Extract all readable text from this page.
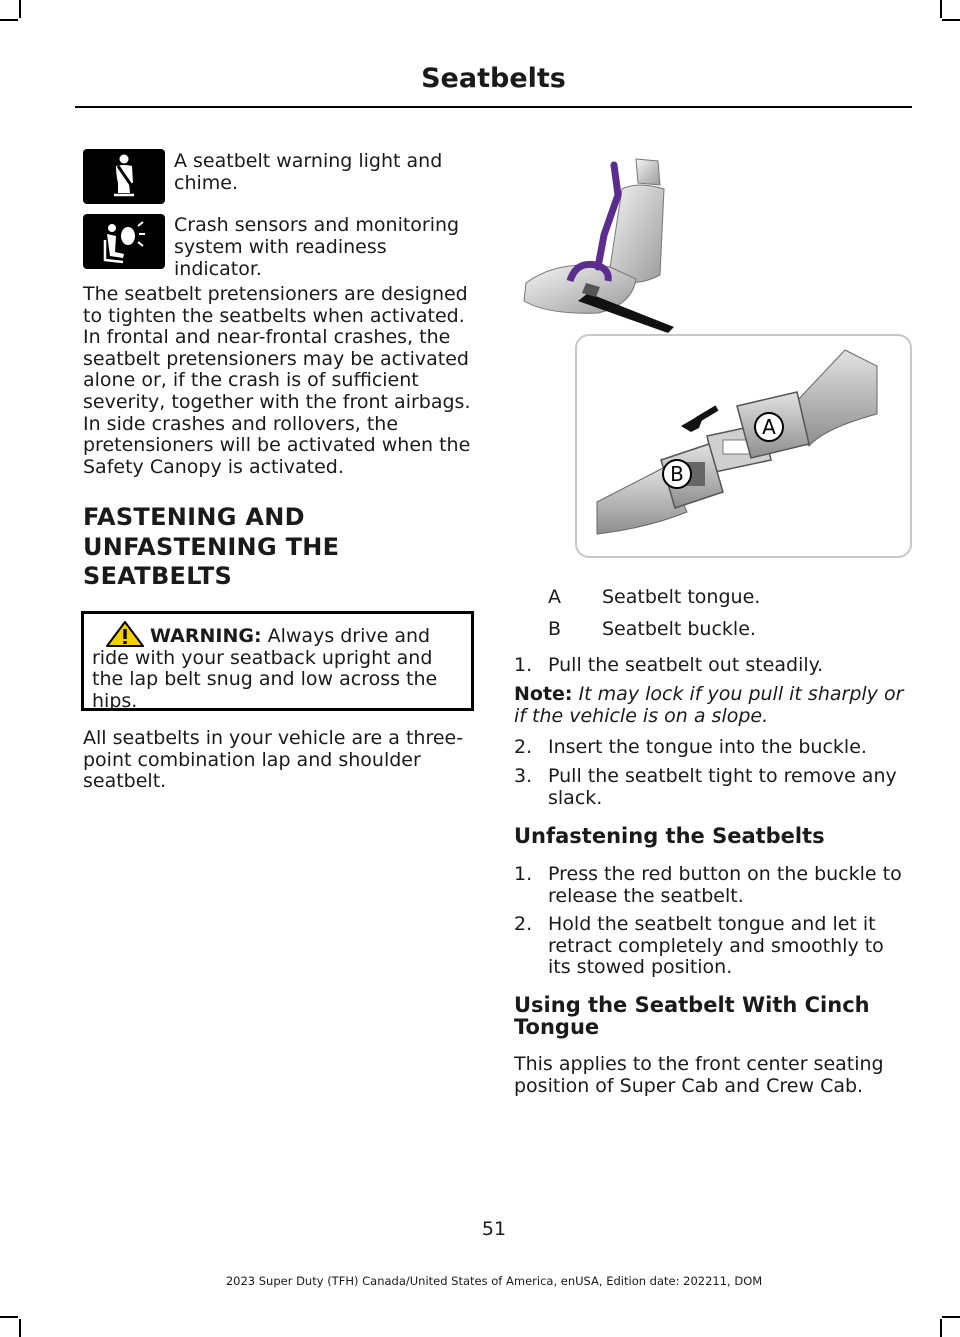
Seatbelts
A seatbelt warning light and chime.
Crash sensors and monitoring system with readiness indicator.
The seatbelt pretensioners are designed to tighten the seatbelts when activated. In frontal and near-frontal crashes, the seatbelt pretensioners may be activated alone or, if the crash is of sufficient severity, together with the front airbags. In side crashes and rollovers, the pretensioners will be activated when the Safety Canopy is activated.
FASTENING AND
UNFASTENING THE
SEATBELTS
WARNING: Always drive and ride with your seatback upright and the lap belt snug and low across the hips.
All seatbelts in your vehicle are a three-point combination lap and shoulder seatbelt.
A
B
A	Seatbelt tongue.
B	Seatbelt buckle.
1. Pull the seatbelt out steadily.
Note: It may lock if you pull it sharply or if the vehicle is on a slope.
2. Insert the tongue into the buckle.
3. Pull the seatbelt tight to remove any slack.
Unfastening the Seatbelts
1. Press the red button on the buckle to release the seatbelt.
2. Hold the seatbelt tongue and let it retract completely and smoothly to its stowed position.
Using the Seatbelt With Cinch Tongue
This applies to the front center seating position of Super Cab and Crew Cab.
51
2023 Super Duty (TFH) Canada/United States of America, enUSA, Edition date: 202211, DOM
